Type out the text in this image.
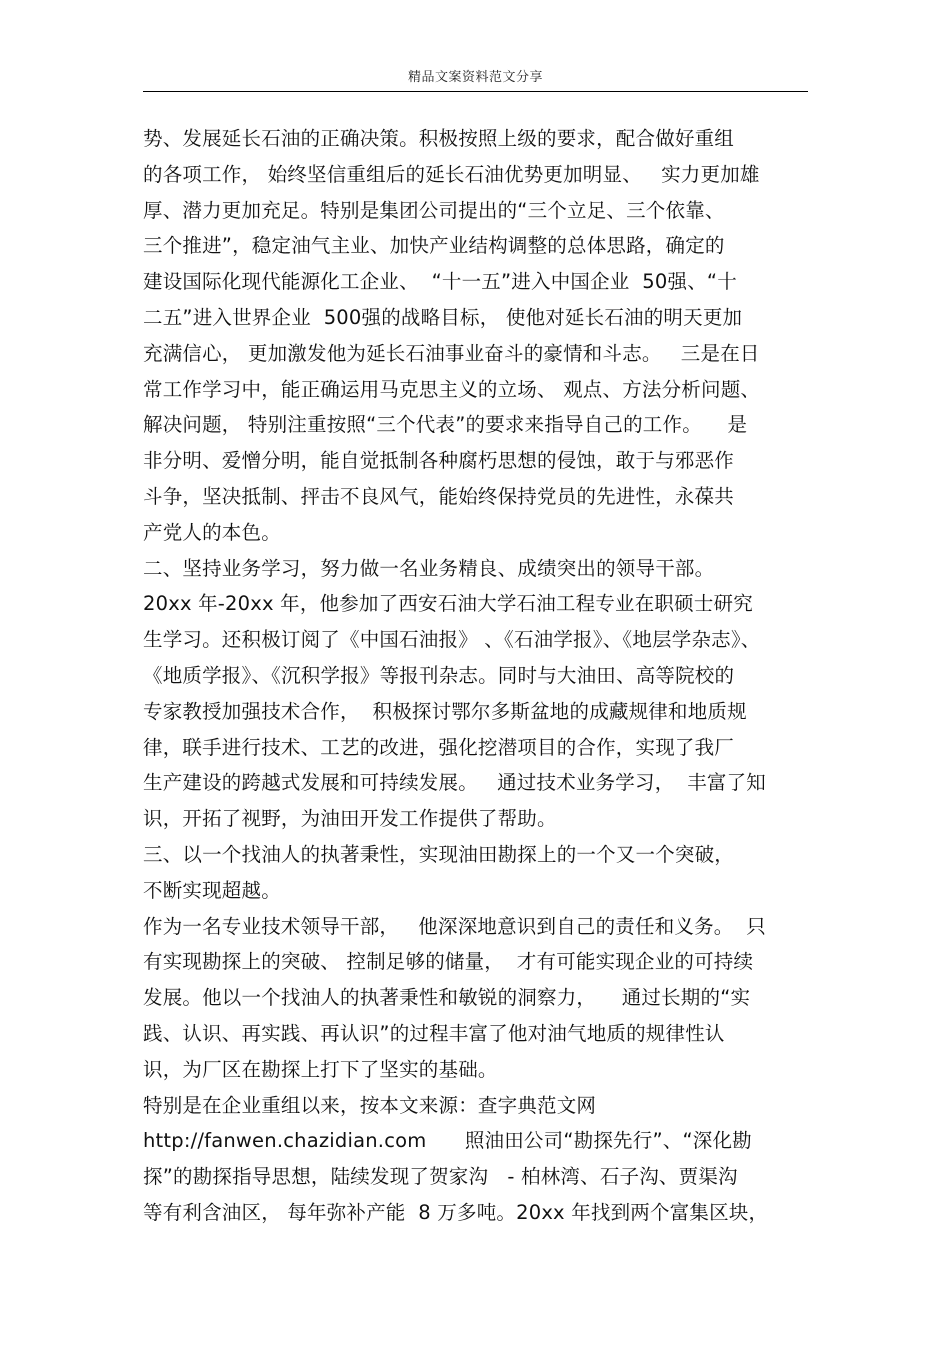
精品文案资料范文分享
势、发展延长石油的正确决策。积极按照上级的要求，配合做好重组
的各项工作， 始终坚信重组后的延长石油优势更加明显、   实力更加雄
厚、潜力更加充足。特别是集团公司提出的“三个立足、三个依靠、
三个推进”，稳定油气主业、加快产业结构调整的总体思路，确定的
建设国际化现代能源化工企业、  “十一五”进入中国企业  50强、“十
二五”进入世界企业  500强的战略目标， 使他对延长石油的明天更加
充满信心， 更加激发他为延长石油事业奋斗的豪情和斗志。   三是在日
常工作学习中，能正确运用马克思主义的立场、 观点、方法分析问题、
解决问题， 特别注重按照“三个代表”的要求来指导自己的工作。    是
非分明、爱憎分明，能自觉抵制各种腐朽思想的侵蚀，敢于与邪恶作
斗争，坚决抵制、抨击不良风气，能始终保持党员的先进性，永葆共
产党人的本色。
二、坚持业务学习，努力做一名业务精良、成绩突出的领导干部。
20xx 年-20xx 年，他参加了西安石油大学石油工程专业在职硕士研究
生学习。还积极订阅了《中国石油报》 、《石油学报》、《地层学杂志》、
《地质学报》、《沉积学报》等报刊杂志。同时与大油田、高等院校的
专家教授加强技术合作，  积极探讨鄂尔多斯盆地的成藏规律和地质规
律，联手进行技术、工艺的改进，强化挖潜项目的合作，实现了我厂
生产建设的跨越式发展和可持续发展。   通过技术业务学习，  丰富了知
识，开拓了视野，为油田开发工作提供了帮助。
三、以一个找油人的执著秉性，实现油田勘探上的一个又一个突破，
不断实现超越。
作为一名专业技术领导干部，   他深深地意识到自己的责任和义务。  只
有实现勘探上的突破、 控制足够的储量，  才有可能实现企业的可持续
发展。他以一个找油人的执著秉性和敏锐的洞察力，    通过长期的“实
践、认识、再实践、再认识”的过程丰富了他对油气地质的规律性认
识，为厂区在勘探上打下了坚实的基础。
特别是在企业重组以来，按本文来源：查字典范文网
http://fanwen.chazidian.com      照油田公司“勘探先行”、“深化勘
探”的勘探指导思想，陆续发现了贺家沟   - 柏林湾、石子沟、贾渠沟
等有利含油区， 每年弥补产能  8 万多吨。20xx 年找到两个富集区块，
